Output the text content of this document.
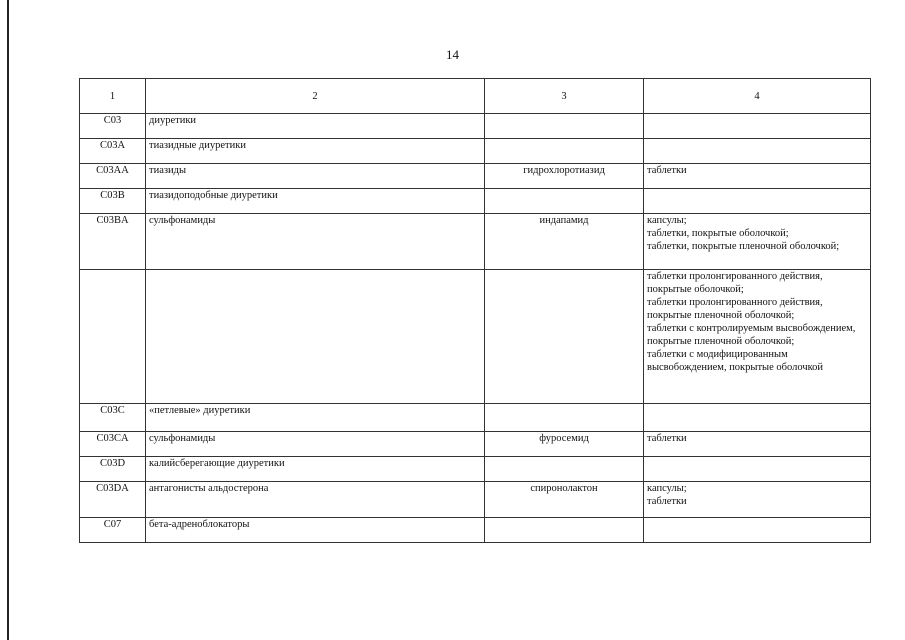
14
1	2	3	4
C03	диуретики		
C03A	тиазидные диуретики		
C03AA	тиазиды	гидрохлоротиазид	таблетки
C03B	тиазидоподобные диуретики		
C03BA	сульфонамиды	индапамид	капсулы;
таблетки, покрытые оболочкой;
таблетки, покрытые пленочной оболочкой;
			таблетки пролонгированного действия, покрытые оболочкой;
таблетки пролонгированного действия, покрытые пленочной оболочкой;
таблетки с контролируемым высвобождением, покрытые пленочной оболочкой;
таблетки с модифицированным высвобождением, покрытые оболочкой
C03C	«петлевые» диуретики		
C03CA	сульфонамиды	фуросемид	таблетки
C03D	калийсберегающие диуретики		
C03DA	антагонисты альдостерона	спиронолактон	капсулы;
таблетки
C07	бета-адреноблокаторы		
